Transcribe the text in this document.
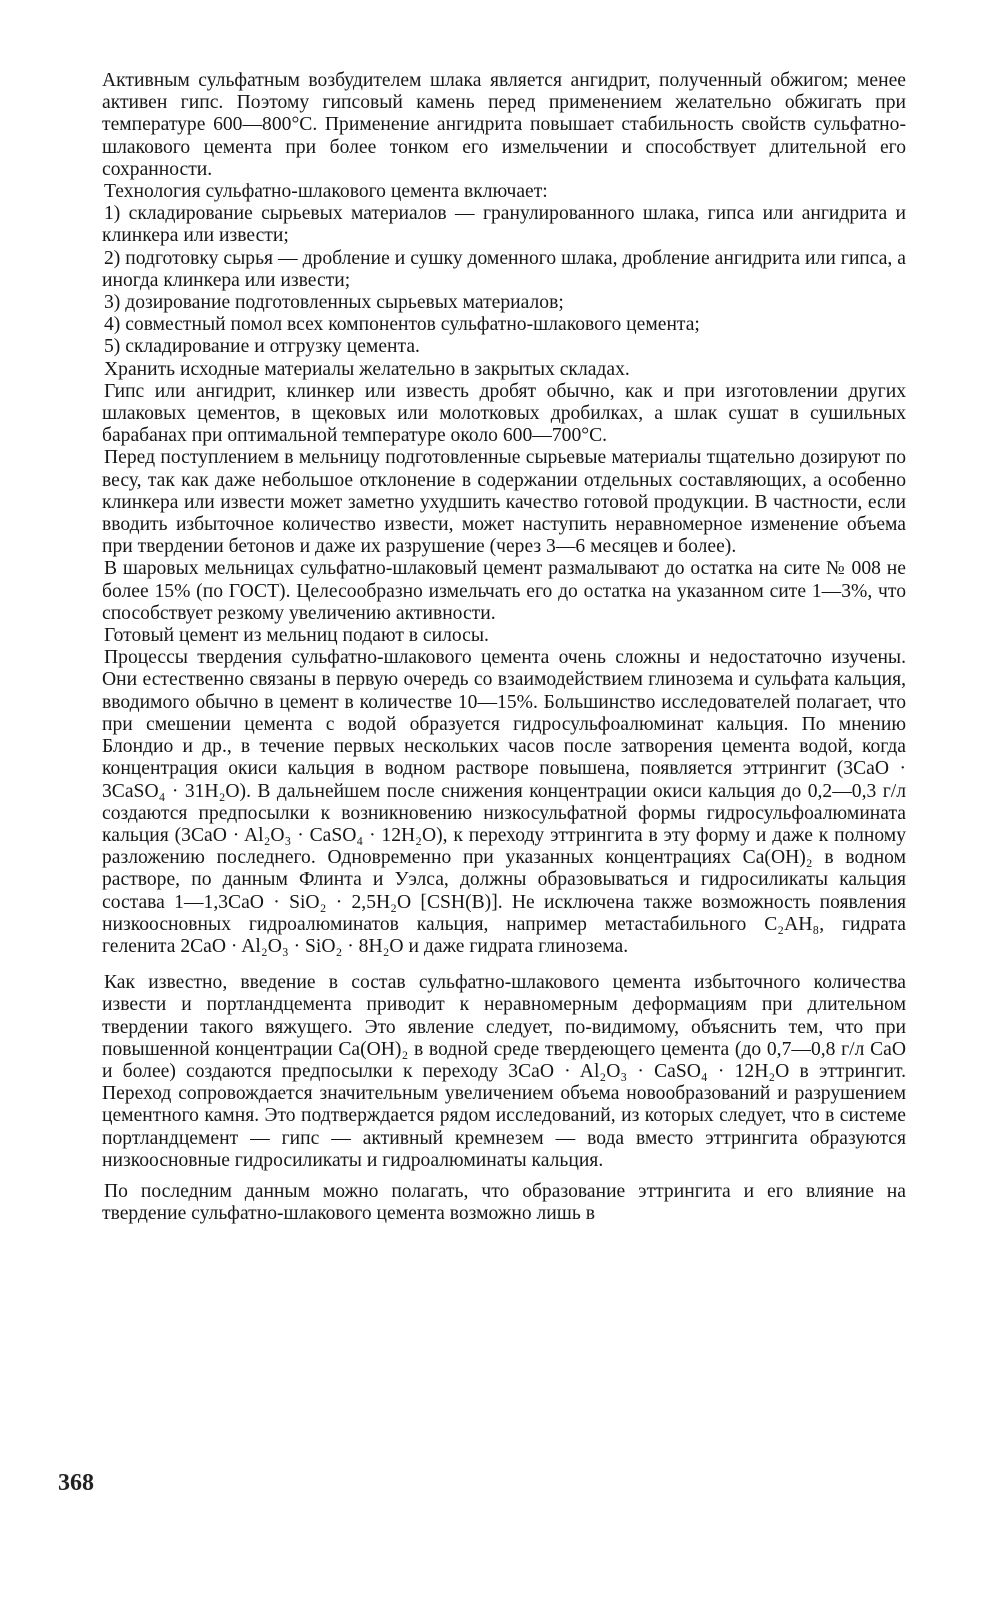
Активным сульфатным возбудителем шлака является ангидрит, полученный обжигом; менее активен гипс. Поэтому гипсовый камень перед применением желательно обжигать при температуре 600—800°C. Применение ангидрита повышает стабильность свойств сульфатно-шлакового цемента при более тонком его измельчении и способствует длительной его сохранности.

Технология сульфатно-шлакового цемента включает:

1) складирование сырьевых материалов — гранулированного шлака, гипса или ангидрита и клинкера или извести;

2) подготовку сырья — дробление и сушку доменного шлака, дробление ангидрита или гипса, а иногда клинкера или извести;

3) дозирование подготовленных сырьевых материалов;

4) совместный помол всех компонентов сульфатно-шлакового цемента;

5) складирование и отгрузку цемента.

Хранить исходные материалы желательно в закрытых складах.

Гипс или ангидрит, клинкер или известь дробят обычно, как и при изготовлении других шлаковых цементов, в щековых или молотковых дробилках, а шлак сушат в сушильных барабанах при оптимальной температуре около 600—700°C.

Перед поступлением в мельницу подготовленные сырьевые материалы тщательно дозируют по весу, так как даже небольшое отклонение в содержании отдельных составляющих, а особенно клинкера или извести может заметно ухудшить качество готовой продукции. В частности, если вводить избыточное количество извести, может наступить неравномерное изменение объема при твердении бетонов и даже их разрушение (через 3—6 месяцев и более).

В шаровых мельницах сульфатно-шлаковый цемент размалывают до остатка на сите № 008 не более 15% (по ГОСТ). Целесообразно измельчать его до остатка на указанном сите 1—3%, что способствует резкому увеличению активности.

Готовый цемент из мельниц подают в силосы.

Процессы твердения сульфатно-шлакового цемента очень сложны и недостаточно изучены. Они естественно связаны в первую очередь со взаимодействием глинозема и сульфата кальция, вводимого обычно в цемент в количестве 10—15%. Большинство исследователей полагает, что при смешении цемента с водой образуется гидросульфоалюминат кальция. По мнению Блондио и др., в течение первых нескольких часов после затворения цемента водой, когда концентрация окиси кальция в водном растворе повышена, появляется эттрингит (3CaO · 3CaSO₄ · 31H₂O). В дальнейшем после снижения концентрации окиси кальция до 0,2—0,3 г/л создаются предпосылки к возникновению низкосульфатной формы гидросульфоалюмината кальция (3CaO · Al₂O₃ · CaSO₄ · 12H₂O), к переходу эттрингита в эту форму и даже к полному разложению последнего. Одновременно при указанных концентрациях Ca(OH)₂ в водном растворе, по данным Флинта и Уэлса, должны образовываться и гидросиликаты кальция состава 1—1,3CaO · SiO₂ · 2,5H₂O [CSH(B)]. Не исключена также возможность появления низкоосновных гидроалюминатов кальция, например метастабильного C₂AH₈, гидрата геленита 2CaO · Al₂O₃ · SiO₂ · 8H₂O и даже гидрата глинозема.

Как известно, введение в состав сульфатно-шлакового цемента избыточного количества извести и портландцемента приводит к неравномерным деформациям при длительном твердении такого вяжущего. Это явление следует, по-видимому, объяснить тем, что при повышенной концентрации Ca(OH)₂ в водной среде твердеющего цемента (до 0,7—0,8 г/л CaO и более) создаются предпосылки к переходу 3CaO · Al₂O₃ · CaSO₄ · 12H₂O в эттрингит. Переход сопровождается значительным увеличением объема новообразований и разрушением цементного камня. Это подтверждается рядом исследований, из которых следует, что в системе портландцемент — гипс — активный кремнезем — вода вместо эттрингита образуются низкоосновные гидросиликаты и гидроалюминаты кальция.

По последним данным можно полагать, что образование эттрингита и его влияние на твердение сульфатно-шлакового цемента возможно лишь в

368
